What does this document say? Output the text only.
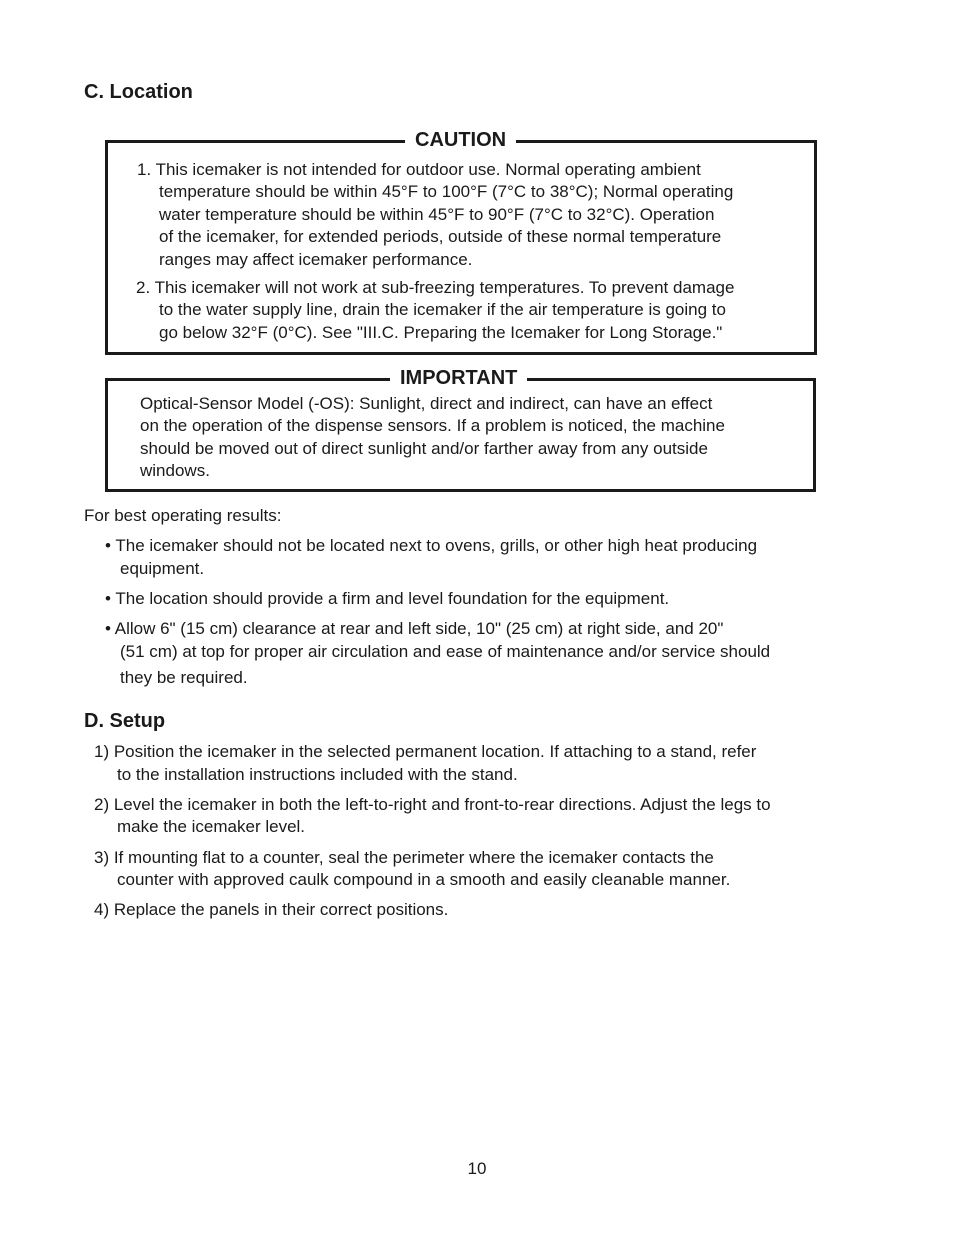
C. Location
CAUTION
1. This icemaker is not intended for outdoor use. Normal operating ambient
temperature should be within 45°F to 100°F (7°C to 38°C); Normal operating
water temperature should be within 45°F to 90°F (7°C to 32°C). Operation
of the icemaker, for extended periods, outside of these normal temperature
ranges may affect icemaker performance.
2. This icemaker will not work at sub-freezing temperatures. To prevent damage
to the water supply line, drain the icemaker if the air temperature is going to
go below 32°F (0°C). See "III.C. Preparing the Icemaker for Long Storage."
IMPORTANT
Optical-Sensor Model (-OS): Sunlight, direct and indirect, can have an effect
on the operation of the dispense sensors. If a problem is noticed, the machine
should be moved out of direct sunlight and/or farther away from any outside
windows.
For best operating results:
• The icemaker should not be located next to ovens, grills, or other high heat producing
equipment.
• The location should provide a firm and level foundation for the equipment.
• Allow 6" (15 cm) clearance at rear and left side, 10" (25 cm) at right side, and 20"
(51 cm) at top for proper air circulation and ease of maintenance and/or service should
they be required.
D. Setup
1) Position the icemaker in the selected permanent location. If attaching to a stand, refer
to the installation instructions included with the stand.
2) Level the icemaker in both the left-to-right and front-to-rear directions. Adjust the legs to
make the icemaker level.
3) If mounting flat to a counter, seal the perimeter where the icemaker contacts the
counter with approved caulk compound in a smooth and easily cleanable manner.
4) Replace the panels in their correct positions.
10
